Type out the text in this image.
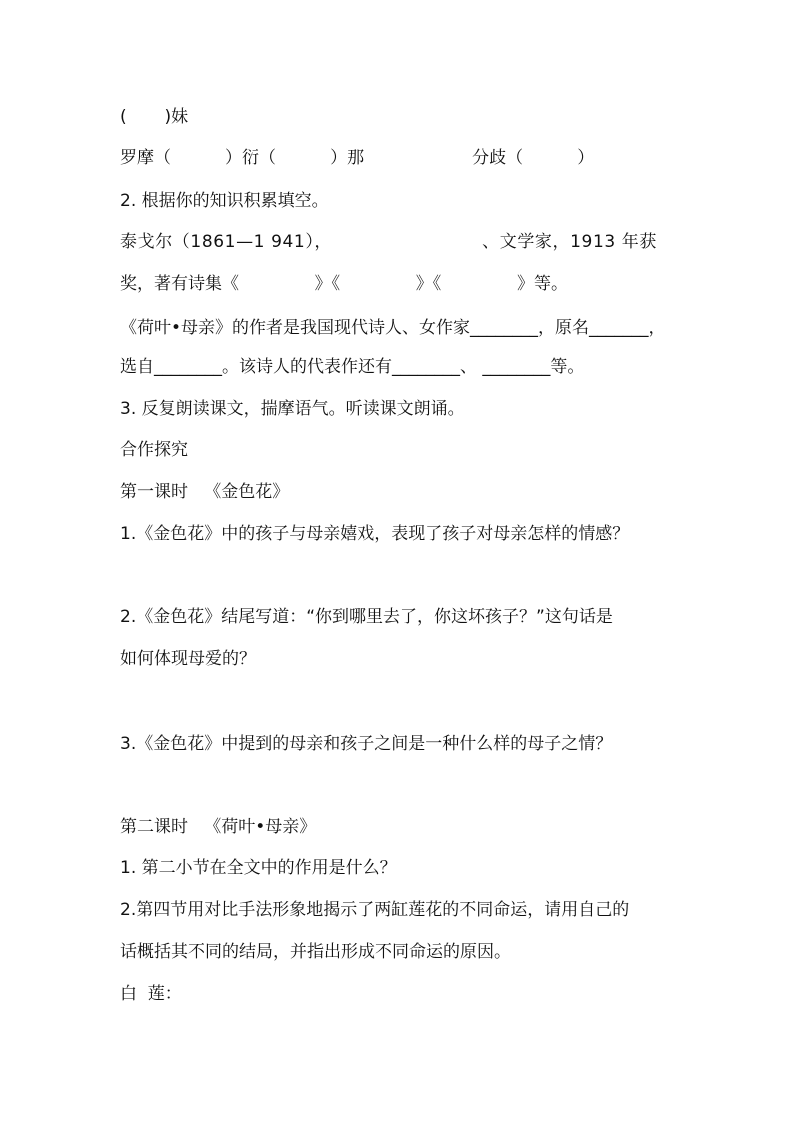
(       )妹
罗摩（          ）衍（          ）那                    分歧（          ）
2. 根据你的知识积累填空。
泰戈尔（1861—1 941），                         、文学家，1913 年获
奖，著有诗集《              》《              》《              》等。
《荷叶•母亲》的作者是我国现代诗人、女作家________，原名_______，
选自________。该诗人的代表作还有________、 ________等。
3. 反复朗读课文，揣摩语气。听读课文朗诵。
合作探究
第一课时   《金色花》
1.《金色花》中的孩子与母亲嬉戏，表现了孩子对母亲怎样的情感？
2.《金色花》结尾写道：“你到哪里去了，你这坏孩子？”这句话是
如何体现母爱的？
3.《金色花》中提到的母亲和孩子之间是一种什么样的母子之情？
第二课时   《荷叶•母亲》
1. 第二小节在全文中的作用是什么？
2.第四节用对比手法形象地揭示了两缸莲花的不同命运，请用自己的
话概括其不同的结局，并指出形成不同命运的原因。
白  莲：
